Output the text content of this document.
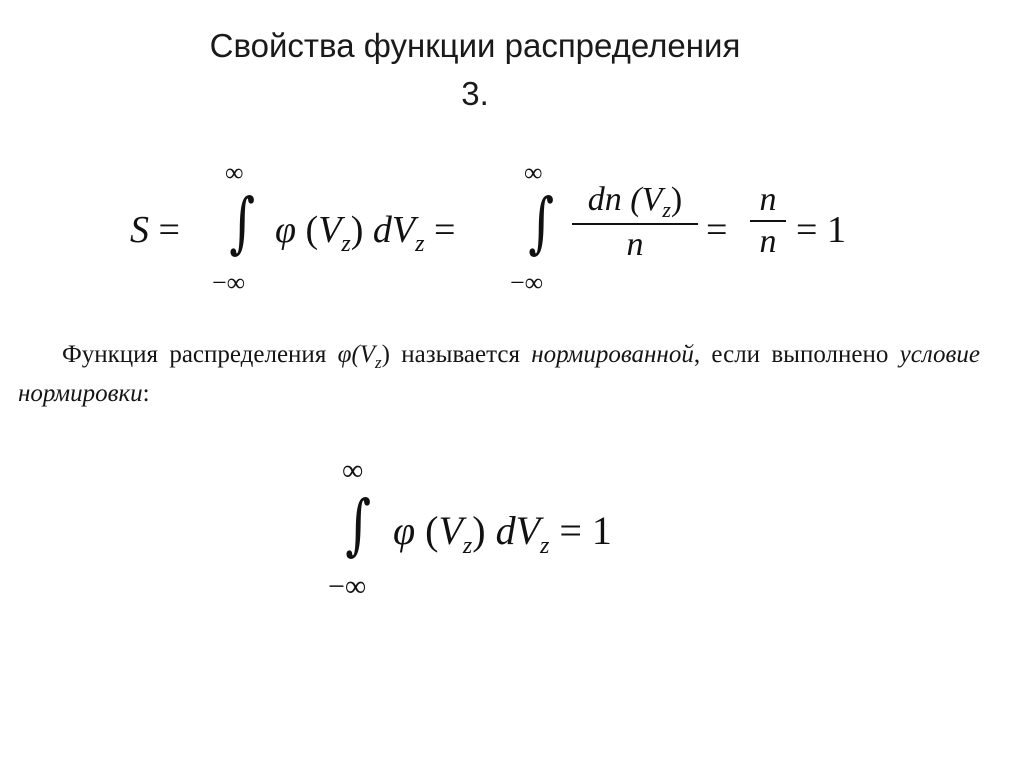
Свойства функции распределения
3.
S =
∞
∫
−∞
φ $(V_z) dV_z$ =
∞
∫
−∞
dn $(V_z)$
n	=
n
n = 1
Функция распределения $\varphi(V_z)$ называется нормированной, если выполнено условие нормировки:
∞
∫
−∞
φ $(V_z) dV_z = 1$
